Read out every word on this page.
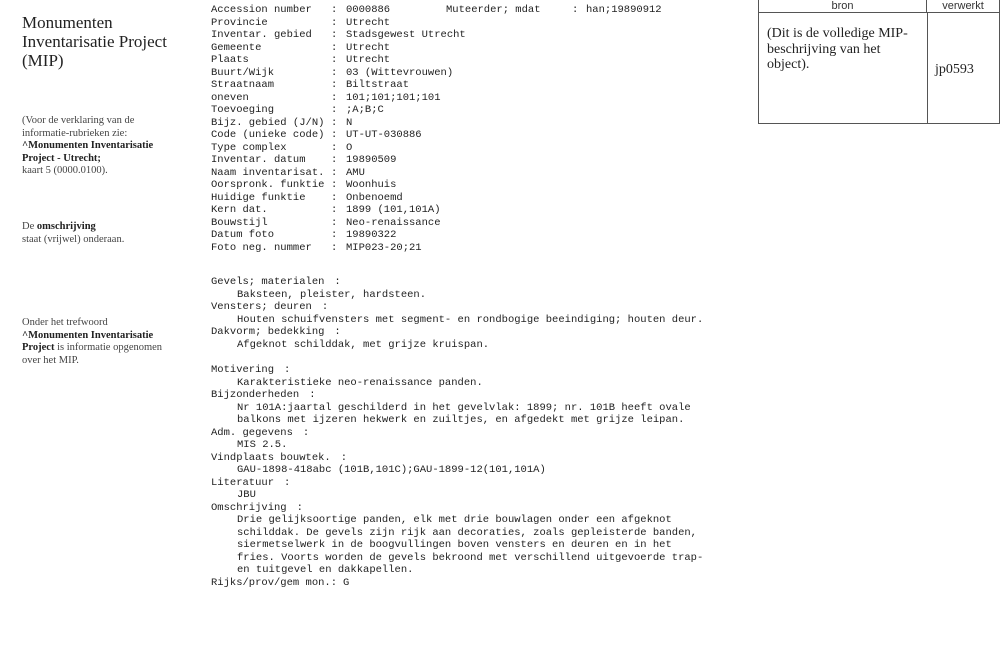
Monumenten Inventarisatie Project (MIP)
(Voor de verklaring van de informatie-rubrieken zie:
^Monumenten Inventarisatie Project - Utrecht;
kaart 5 (0000.0100).
De omschrijving
staat (vrijwel) onderaan.
Onder het trefwoord
^Monumenten Inventarisatie Project is informatie opgenomen over het MIP.
Accession number : 0000886	Muteerder; mdat	: han;19890912
Provincie	: Utrecht
Inventar. gebied : Stadsgewest Utrecht
Gemeente	: Utrecht
Plaats	: Utrecht
Buurt/Wijk	: 03 (Wittevrouwen)
Straatnaam	: Biltstraat
oneven	: 101;101;101;101
Toevoeging	: ;A;B;C
Bijz. gebied (J/N) : N
Code (unieke code) : UT-UT-030886
Type complex	: O
Inventar. datum : 19890509
Naam inventarisat. : AMU
Oorspronk. funktie : Woonhuis
Huidige funktie : Onbenoemd
Kern dat.	: 1899 (101,101A)
Bouwstijl	: Neo-renaissance
Datum foto	: 19890322
Foto neg. nummer : MIP023-20;21
Gevels; materialen :
Baksteen, pleister, hardsteen.
Vensters; deuren :
Houten schuifvensters met segment- en rondbogige beeindiging; houten deur.
Dakvorm; bedekking :
Afgeknot schilddak, met grijze kruispan.
Motivering :
Karakteristieke neo-renaissance panden.
Bijzonderheden :
Nr 101A:jaartal geschilderd in het gevelvlak: 1899; nr. 101B heeft ovale
balkons met ijzeren hekwerk en zuiltjes, en afgedekt met grijze leipan.
Adm. gegevens :
MIS 2.5.
Vindplaats bouwtek. :
GAU-1898-418abc (101B,101C);GAU-1899-12(101,101A)
Literatuur :
JBU
Omschrijving :
Drie gelijksoortige panden, elk met drie bouwlagen onder een afgeknot
schilddak. De gevels zijn rijk aan decoraties, zoals gepleisterde banden,
siermetselwerk in de boogvullingen boven vensters en deuren en in het
fries. Voorts worden de gevels bekroond met verschillend uitgevoerde trap-
en tuitgevel en dakkapellen.
Rijks/prov/gem mon.: G
bron	verwerkt
(Dit is de volledige MIP-beschrijving van het object).	jp0593
